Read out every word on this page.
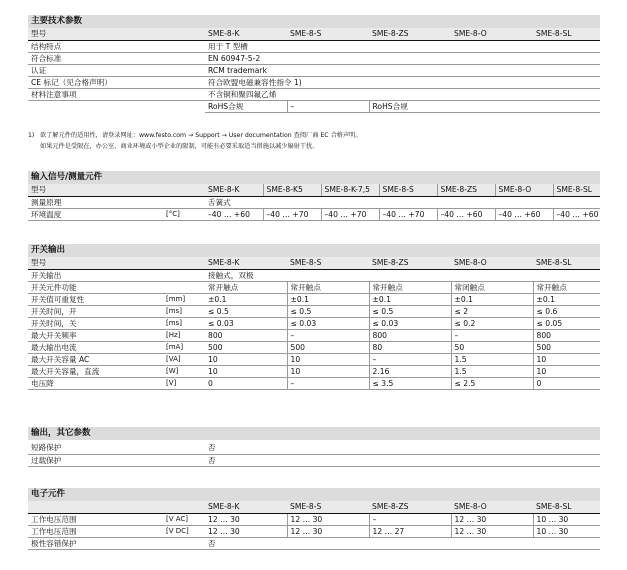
主要技术参数
型号	SME-8-K	SME-8-S	SME-8-ZS	SME-8-O	SME-8-SL
结构特点	用于 T 型槽				
符合标准	EN 60947-5-2				
认证	RCM trademark				
CE 标记（见合格声明）	符合欧盟电磁兼容性指令 1)				
材料注意事项	不含铜和聚四氟乙烯				
	RoHS合规	–	RoHS合规		
1) 欲了解元件的适用性，请登录网址：www.festo.com → Support → User documentation 查阅厂商 EC 合格声明。
如果元件是受限在，办公室、商业环境或小型企业的限制，可能有必要采取适当措施以减少辐射干扰。
输入信号/测量元件
型号		SME-8-K	SME-8-K5	SME-8-K-7,5	SME-8-S	SME-8-ZS	SME-8-O	SME-8-SL
测量原理		舌簧式						
环境温度	[°C]	–40 … +60	–40 … +70	–40 … +70	–40 … +70	–40 … +60	–40 … +60	–40 … +60
开关输出
型号		SME-8-K	SME-8-S	SME-8-ZS	SME-8-O	SME-8-SL
开关输出		接触式，双极				
开关元件功能		常开触点	常开触点	常开触点	常闭触点	常开触点
开关值可重复性	[mm]	±0.1	±0.1	±0.1	±0.1	±0.1
开关时间，开	[ms]	≤ 0.5	≤ 0.5	≤ 0.5	≤ 2	≤ 0.6
开关时间，关	[ms]	≤ 0.03	≤ 0.03	≤ 0.03	≤ 0.2	≤ 0.05
最大开关频率	[Hz]	800	–	800	–	800
最大输出电流	[mA]	500	500	80	50	500
最大开关容量 AC	[VA]	10	10	–	1.5	10
最大开关容量，直流	[W]	10	10	2.16	1.5	10
电压降	[V]	0	–	≤ 3.5	≤ 2.5	0
输出，其它参数
短路保护	否
过载保护	否
电子元件
		SME-8-K	SME-8-S	SME-8-ZS	SME-8-O	SME-8-SL
工作电压范围	[V AC]	12 … 30	12 … 30	–	12 … 30	10 … 30
工作电压范围	[V DC]	12 … 30	12 … 30	12 … 27	12 … 30	10 … 30
极性容错保护		否				
